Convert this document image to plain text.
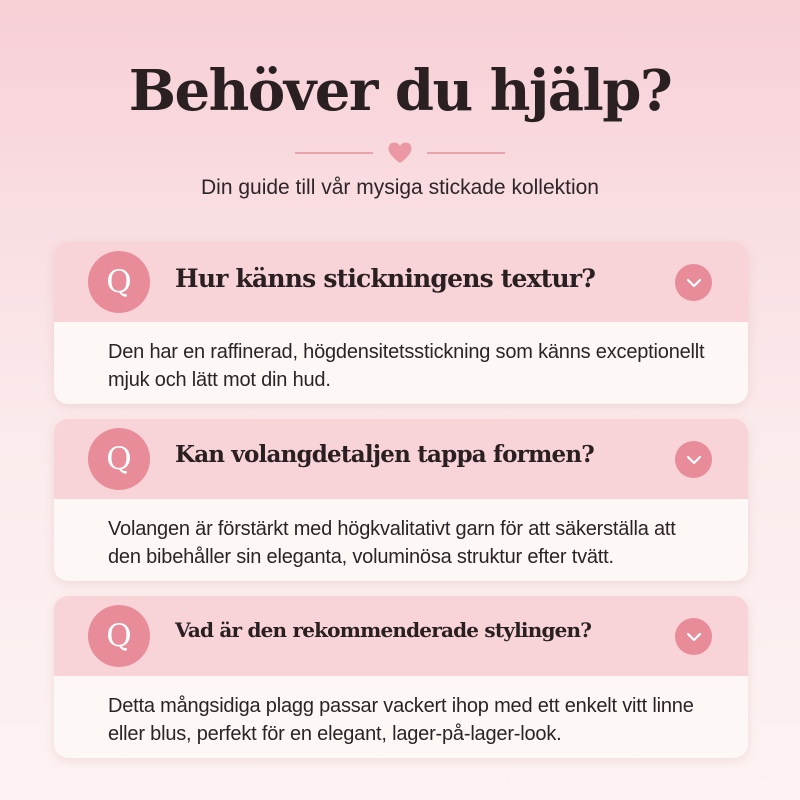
Behöver du hjälp?

Din guide till vår mysiga stickade kollektion

Q	Hur känns stickningens textur?

Den har en raffinerad, högdensitetsstickning som känns exceptionellt mjuk och lätt mot din hud.

Q	Kan volangdetaljen tappa formen?

Volangen är förstärkt med högkvalitativt garn för att säkerställa att den bibehåller sin eleganta, voluminösa struktur efter tvätt.

Q	Vad är den rekommenderade stylingen?

Detta mångsidiga plagg passar vackert ihop med ett enkelt vitt linne eller blus, perfekt för en elegant, lager-på-lager-look.
